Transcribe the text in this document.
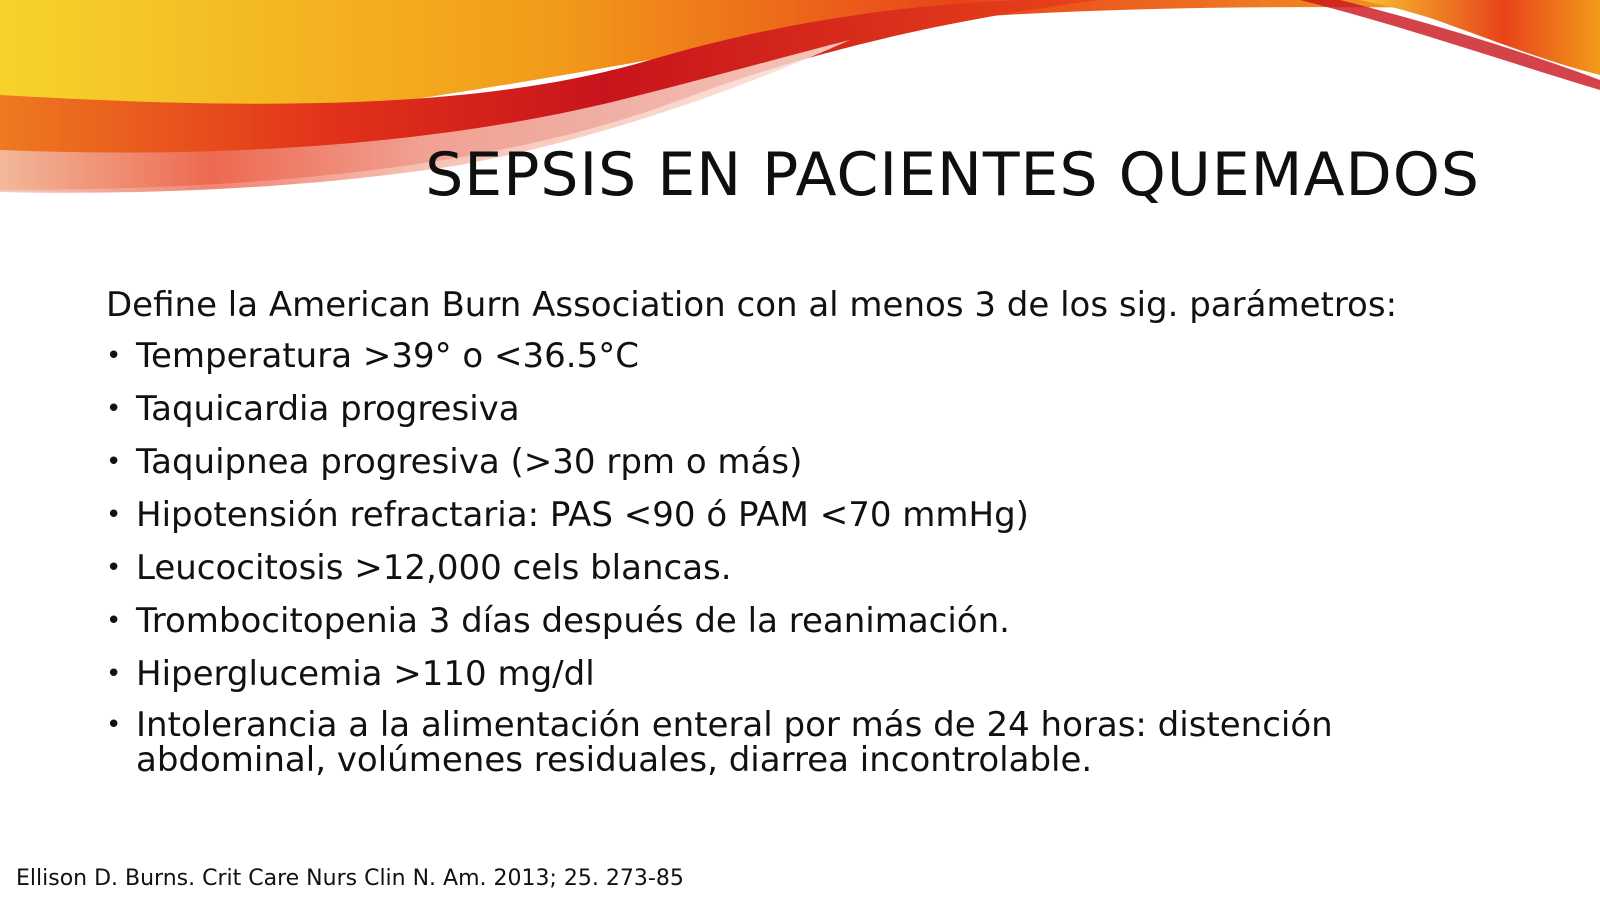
SEPSIS EN PACIENTES QUEMADOS

Define la American Burn Association con al menos 3 de los sig. parámetros:

• Temperatura >39° o <36.5°C
• Taquicardia progresiva
• Taquipnea progresiva (>30 rpm o más)
• Hipotensión refractaria: PAS <90 ó PAM <70 mmHg)
• Leucocitosis >12,000 cels blancas.
• Trombocitopenia 3 días después de la reanimación.
• Hiperglucemia >110 mg/dl
• Intolerancia a la alimentación enteral por más de 24 horas: distención abdominal, volúmenes residuales, diarrea incontrolable.

Ellison D. Burns. Crit Care Nurs Clin N. Am. 2013; 25. 273-85
